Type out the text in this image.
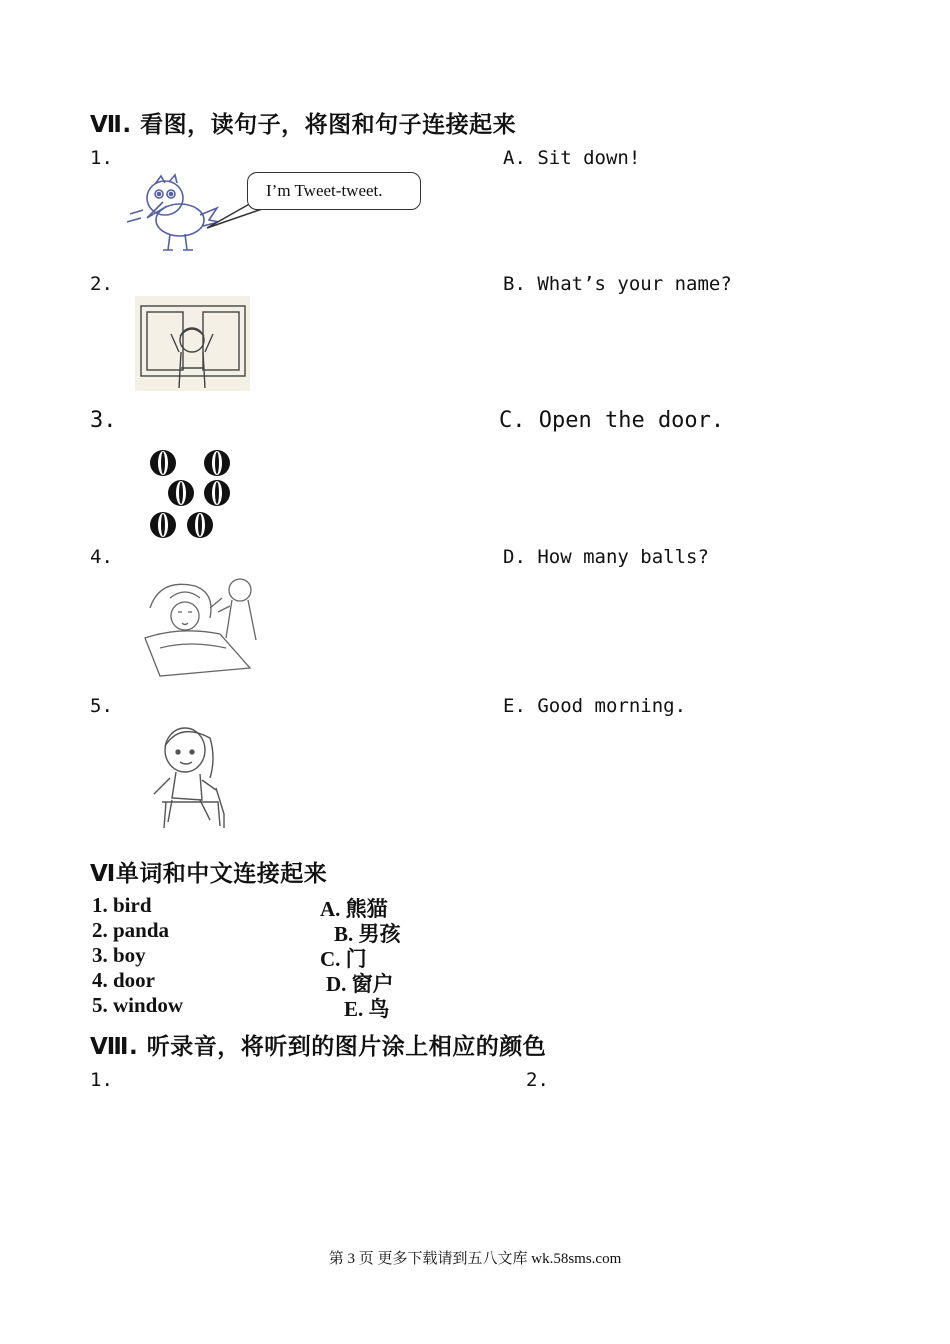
Ⅶ. 看图，读句子，将图和句子连接起来
1.
I’m Tweet-tweet.
2.
3.
4.
5.
A. Sit down!
B. What’s your name?
C. Open the door.
D. How many balls?
E. Good morning.
Ⅵ单词和中文连接起来
1. bird
2. panda
3. boy
4. door
5. window
A. 熊猫
B. 男孩
C. 门
D. 窗户
E. 鸟
Ⅷ. 听录音，将听到的图片涂上相应的颜色
1.	2.
第 3 页 更多下载请到五八文库 wk.58sms.com
